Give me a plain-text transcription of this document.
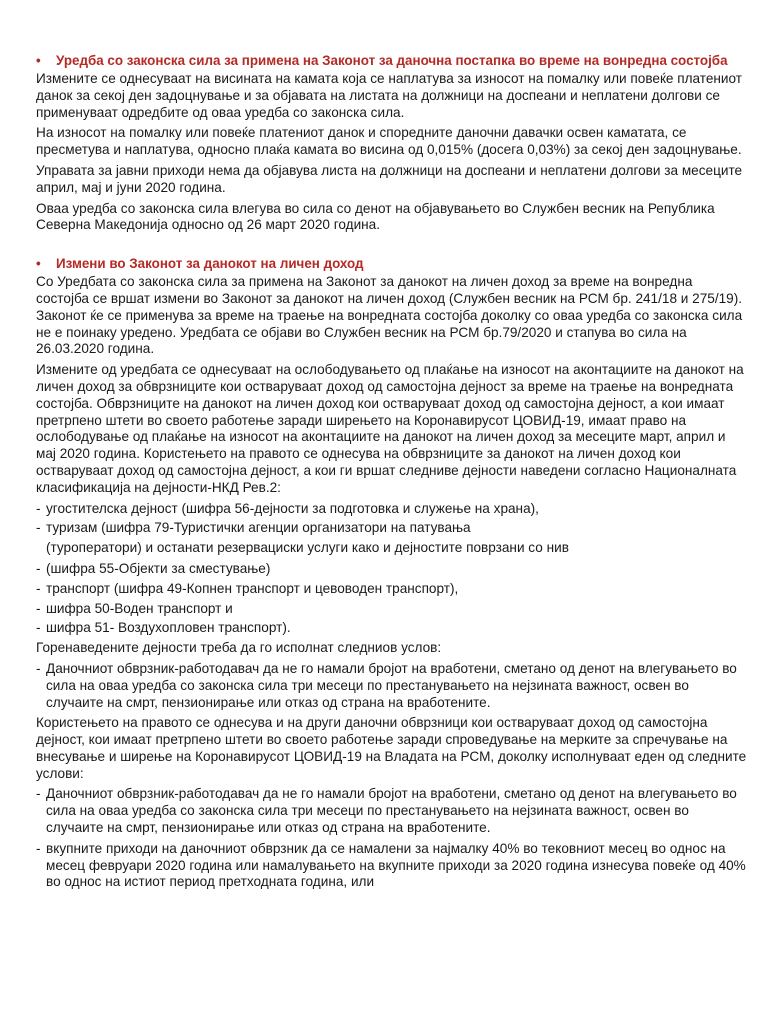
•	Уредба со законска сила за примена на Законот за даночна постапка во време на вонредна состојба

Измените се однесуваат на висината на камата која се наплатува за износот на помалку или повеќе платениот данок за секој ден задоцнување и за објавата на листата на должници на доспеани и неплатени долгови се применуваат одредбите од оваа уредба со законска сила.

На износот на помалку или повеќе платениот данок и споредните даночни давачки освен каматата, се пресметува и наплатува, односно плаќа камата во висина од 0,015% (досега 0,03%) за секој ден задоцнување.

Управата за јавни приходи нема да објавува листа на должници на доспеани и неплатени долгови за месеците април, мај и јуни 2020 година.

Оваа уредба со законска сила влегува во сила со денот на објавувањето во Службен весник на Република Северна Македонија односно од 26 март 2020 година.

•	Измени во Законот за данокот на личен доход

Со Уредбата со законска сила за примена на Законот за данокот на личен доход за време на вонредна состојба се вршат измени во Законот за данокот на личен доход (Службен весник на РСМ бр. 241/18 и 275/19). Законот ќе се применува за време на траење на вонредната состојба доколку со оваа уредба со законска сила не е поинаку уредено. Уредбата се објави во Службен весник на РСМ бр.79/2020 и стапува во сила на 26.03.2020 година.

Измените од уредбата се однесуваат на ослободувањето од плаќање на износот на аконтациите на данокот на личен доход за обврзниците кои остваруваат доход од самостојна дејност за време на траење на вонредната состојба. Обврзниците на данокот на личен доход кои остваруваат доход од самостојна дејност, а кои имаат претрпено штети во своето работење заради ширењето на Коронавирусот ЦОВИД-19, имаат право на ослободување од плаќање на износот на аконтациите на данокот на личен доход за месеците март, април и мај 2020 година. Користењето на правото се однесува на обврзниците за данокот на личен доход кои остваруваат доход од самостојна дејност, а кои ги вршат следниве дејности наведени согласно Националната класификација на дејности-НКД Рев.2:

- угостителска дејност (шифра 56-дејности за подготовка и служење на храна),
- туризам (шифра 79-Туристички агенции организатори на патувања
(туроператори) и останати резервациски услуги како и дејностите поврзани со нив
- (шифра 55-Објекти за сместување)
- транспорт (шифра 49-Копнен транспорт и цевоводен транспорт),
- шифра 50-Воден транспорт и
- шифра 51- Воздухопловен транспорт).

Горенаведените дејности треба да го исполнат следниов услов:

- Даночниот обврзник-работодавач да не го намали бројот на вработени, сметано од денот на влегувањето во сила на оваа уредба со законска сила три месеци по престанувањето на нејзината важност, освен во случаите на смрт, пензионирање или отказ од страна на вработените.

Користењето на правото се однесува и на други даночни обврзници кои остваруваат доход од самостојна дејност, кои имаат претрпено штети во своето работење заради спроведување на мерките за спречување на внесување и ширење на Коронавирусот ЦОВИД-19 на Владата на РСМ, доколку исполнуваат еден од следните услови:

- Даночниот обврзник-работодавач да не го намали бројот на вработени, сметано од денот на влегувањето во сила на оваа уредба со законска сила три месеци по престанувањето на нејзината важност, освен во случаите на смрт, пензионирање или отказ од страна на вработените.
- вкупните приходи на даночниот обврзник да се намалени за најмалку 40% во тековниот месец во однос на месец февруари 2020 година или намалувањето на вкупните приходи за 2020 година изнесува повеќе од 40% во однос на истиот период претходната година, или
